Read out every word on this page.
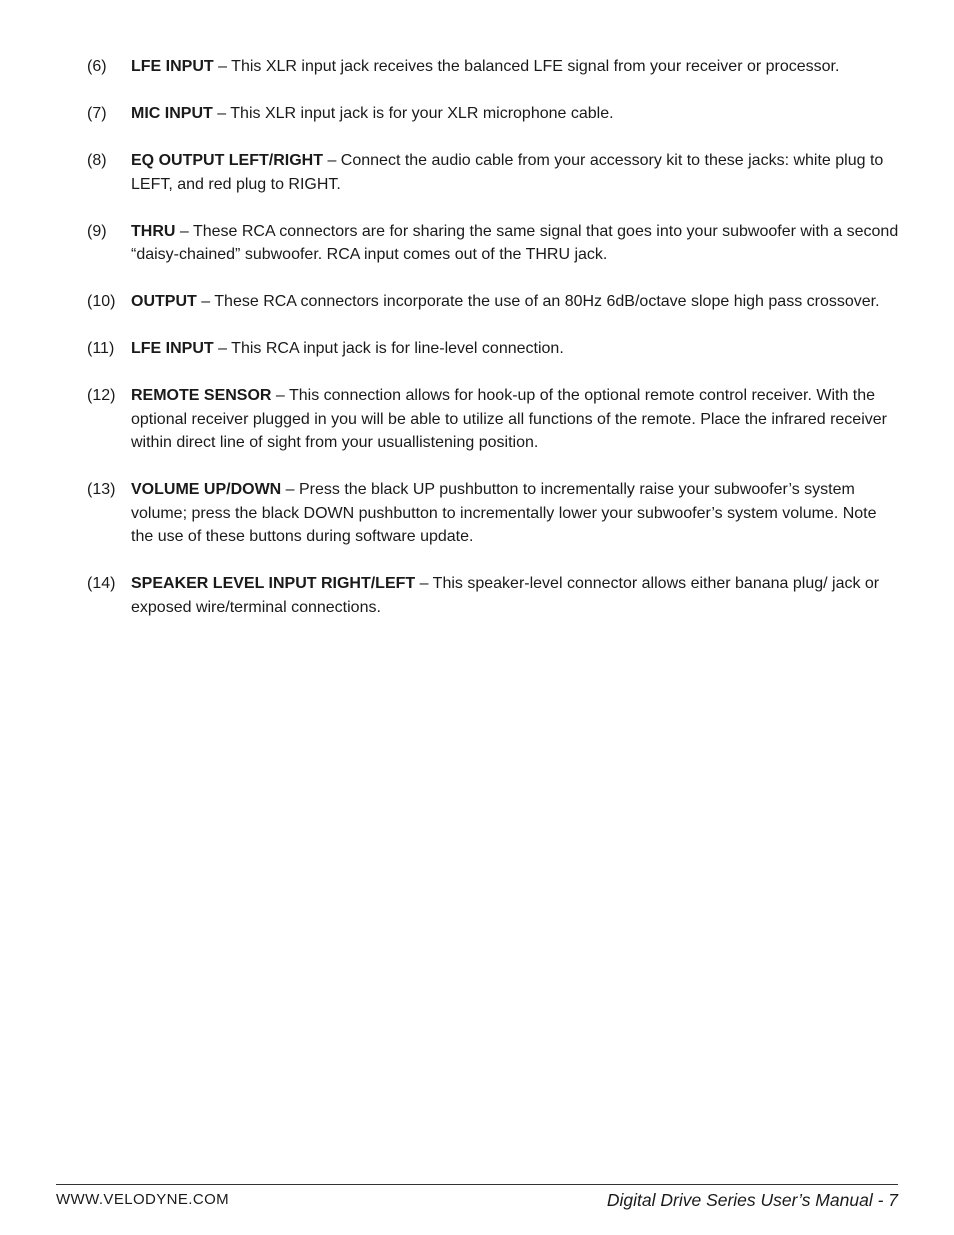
(6)	LFE INPUT – This XLR input jack receives the balanced LFE signal from your receiver or processor.
(7)	MIC INPUT – This XLR input jack is for your XLR microphone cable.
(8)	EQ OUTPUT LEFT/RIGHT – Connect the audio cable from your accessory kit to these jacks: white plug to LEFT, and red plug to RIGHT.
(9)	THRU – These RCA connectors are for sharing the same signal that goes into your subwoofer with a second “daisy-chained” subwoofer. RCA input comes out of the THRU jack.
(10) OUTPUT – These RCA connectors incorporate the use of an 80Hz 6dB/octave slope high pass crossover.
(11)	LFE INPUT – This RCA input jack is for line-level connection.
(12) REMOTE SENSOR – This connection allows for hook-up of the optional remote control receiver. With the optional receiver plugged in you will be able to utilize all functions of the remote. Place the infrared receiver within direct line of sight from your usuallistening position.
(13) VOLUME UP/DOWN – Press the black UP pushbutton to incrementally raise your subwoofer’s system volume; press the black DOWN pushbutton to incrementally lower your subwoofer’s system volume. Note the use of these buttons during software update.
(14) SPEAKER LEVEL INPUT RIGHT/LEFT – This speaker-level connector allows either banana plug/ jack or exposed wire/terminal connections.
WWW.VELODYNE.COM	Digital Drive Series User’s Manual - 7
